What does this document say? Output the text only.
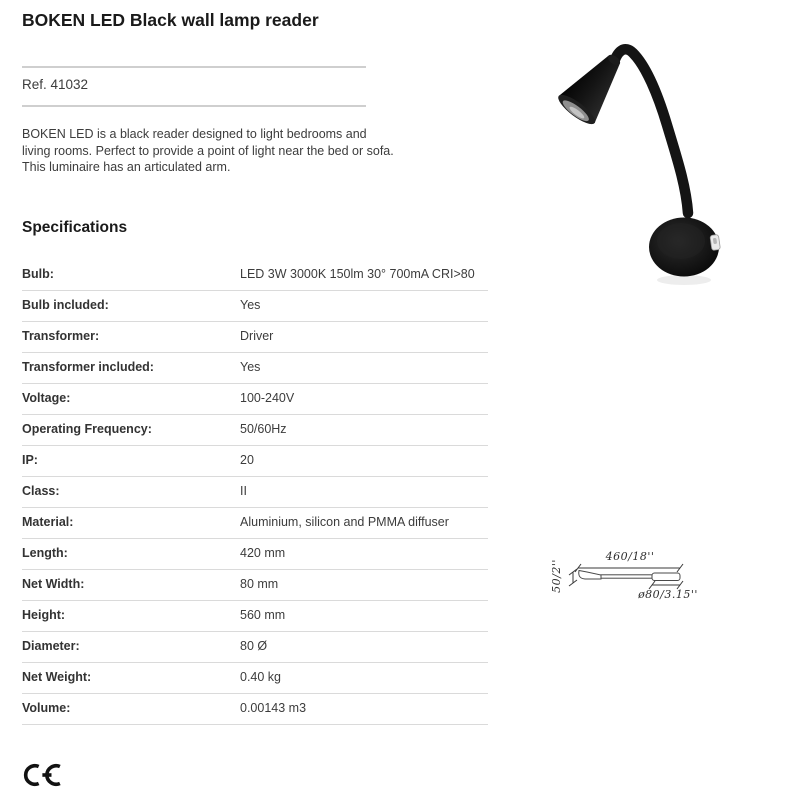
BOKEN LED Black wall lamp reader
Ref. 41032

BOKEN LED is a black reader designed to light bedrooms and living rooms. Perfect to provide a point of light near the bed or sofa. This luminaire has an articulated arm.

Specifications
Bulb:	LED 3W 3000K 150lm 30° 700mA CRI>80
Bulb included:	Yes
Transformer:	Driver
Transformer included:	Yes
Voltage:	100-240V
Operating Frequency:	50/60Hz
IP:	20
Class:	II
Material:	Aluminium, silicon and PMMA diffuser
Length:	420 mm
Net Width:	80 mm
Height:	560 mm
Diameter:	80 Ø
Net Weight:	0.40 kg
Volume:	0.00143 m3
460/18''
50/2''
ø80/3.15''
